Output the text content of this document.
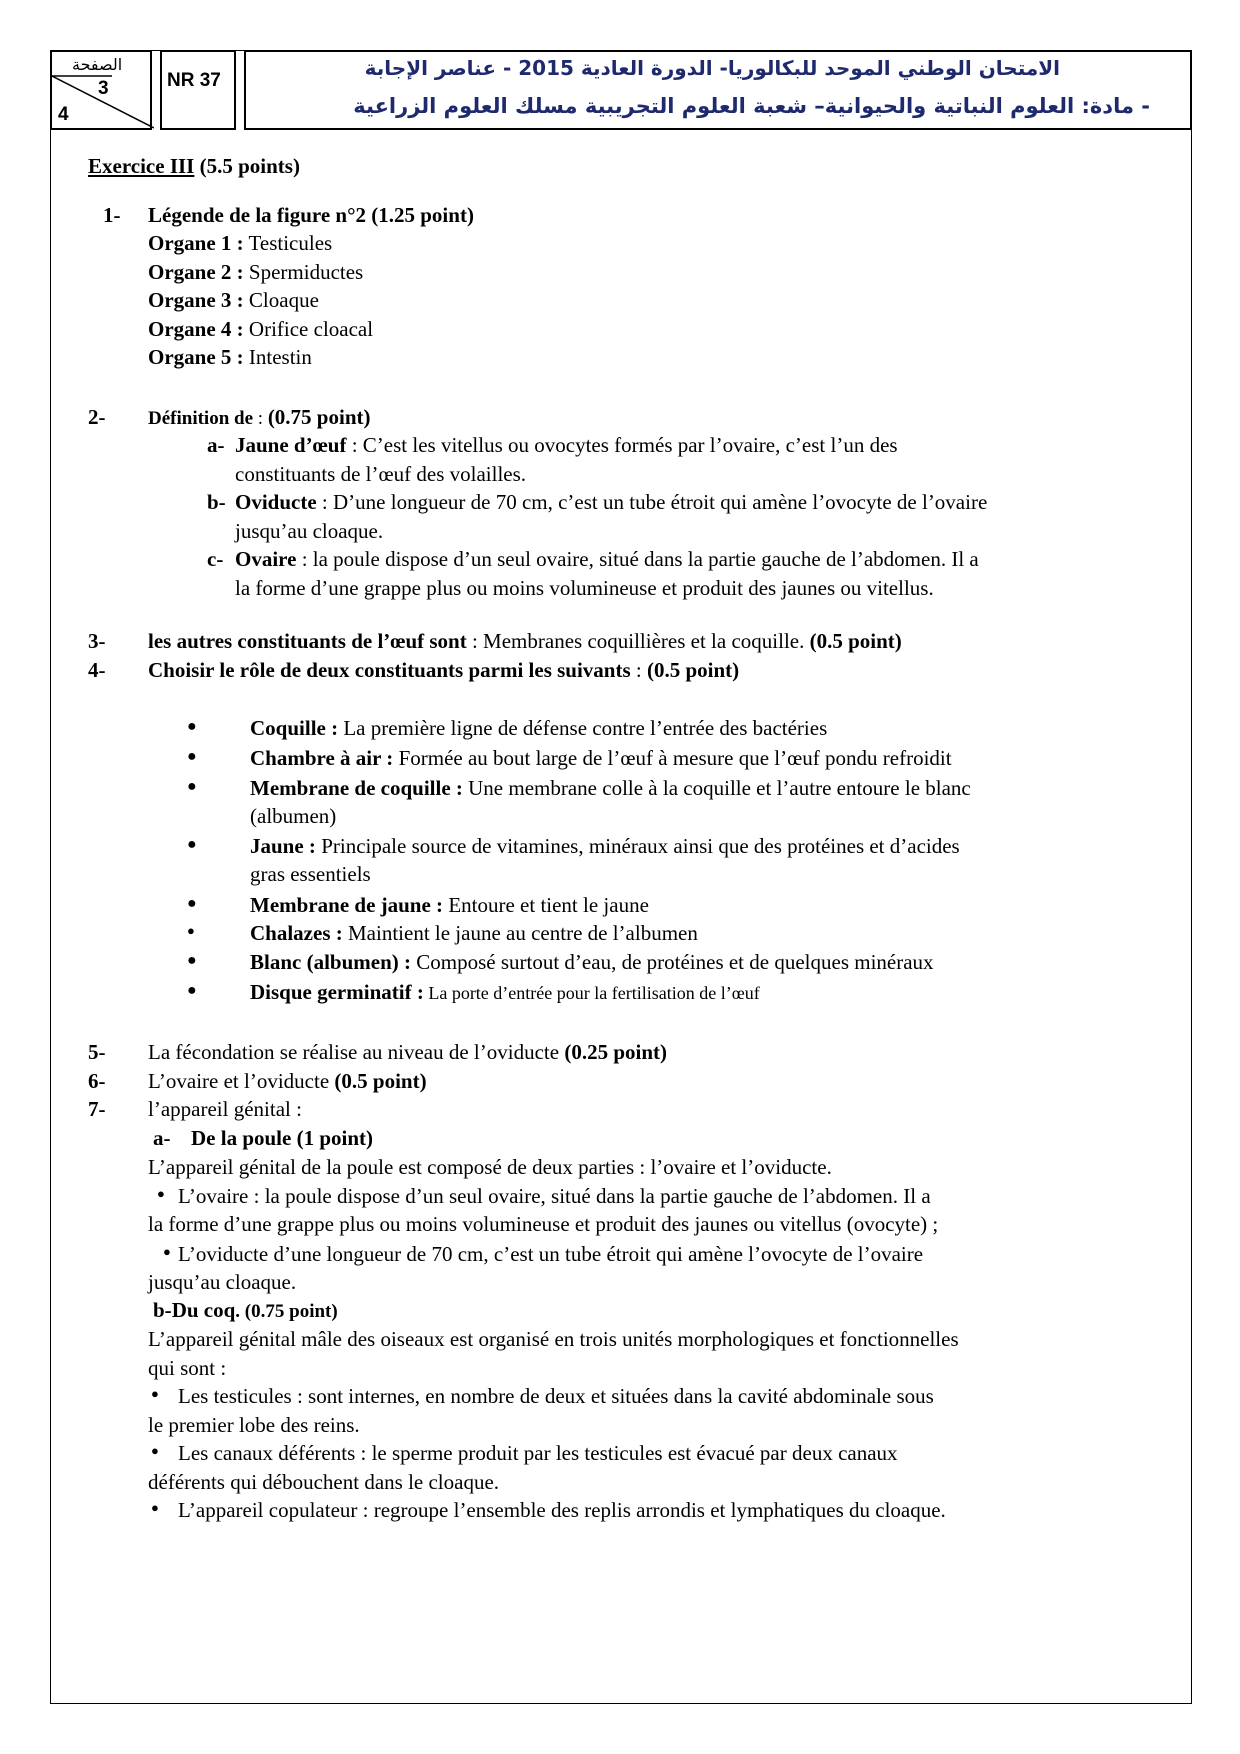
الصفحة
3
4
NR 37
الامتحان الوطني الموحد للبكالوريا- الدورة العادية 2015 - عناصر الإجابة
- مادة: العلوم النباتية والحيوانية– شعبة العلوم التجريبية مسلك العلوم الزراعية
Exercice III (5.5 points)
1- Légende de la figure n°2 (1.25 point)
Organe 1 : Testicules
Organe 2 : Spermiductes
Organe 3 : Cloaque
Organe 4 : Orifice cloacal
Organe 5 : Intestin
2- Définition de : (0.75 point)
a- Jaune d’œuf : C’est les vitellus ou ovocytes formés par l’ovaire, c’est l’un des
constituants de l’œuf des volailles.
b- Oviducte : D’une longueur de 70 cm, c’est un tube étroit qui amène l’ovocyte de l’ovaire
jusqu’au cloaque.
c- Ovaire : la poule dispose d’un seul ovaire, situé dans la partie gauche de l’abdomen. Il a
la forme d’une grappe plus ou moins volumineuse et produit des jaunes ou vitellus.
3- les autres constituants de l’œuf sont : Membranes coquillières et la coquille. (0.5 point)
4- Choisir le rôle de deux constituants parmi les suivants : (0.5 point)
●	Coquille : La première ligne de défense contre l’entrée des bactéries
●	Chambre à air : Formée au bout large de l’œuf à mesure que l’œuf pondu refroidit
●	Membrane de coquille : Une membrane colle à la coquille et l’autre entoure le blanc
(albumen)
●	Jaune : Principale source de vitamines, minéraux ainsi que des protéines et d’acides
gras essentiels
●	Membrane de jaune : Entoure et tient le jaune
●	Chalazes : Maintient le jaune au centre de l’albumen
●	Blanc (albumen) : Composé surtout d’eau, de protéines et de quelques minéraux
●	Disque germinatif : La porte d’entrée pour la fertilisation de l’œuf
5- La fécondation se réalise au niveau de l’oviducte (0.25 point)
6- L’ovaire et l’oviducte (0.5 point)
7- l’appareil génital :
a- De la poule (1 point)
L’appareil génital de la poule est composé de deux parties : l’ovaire et l’oviducte.
● L’ovaire : la poule dispose d’un seul ovaire, situé dans la partie gauche de l’abdomen. Il a
la forme d’une grappe plus ou moins volumineuse et produit des jaunes ou vitellus (ovocyte) ;
● L’oviducte d’une longueur de 70 cm, c’est un tube étroit qui amène l’ovocyte de l’ovaire
jusqu’au cloaque.
b-Du coq. (0.75 point)
L’appareil génital mâle des oiseaux est organisé en trois unités morphologiques et fonctionnelles
qui sont :
● Les testicules : sont internes, en nombre de deux et situées dans la cavité abdominale sous
le premier lobe des reins.
● Les canaux déférents : le sperme produit par les testicules est évacué par deux canaux
déférents qui débouchent dans le cloaque.
● L’appareil copulateur : regroupe l’ensemble des replis arrondis et lymphatiques du cloaque.
